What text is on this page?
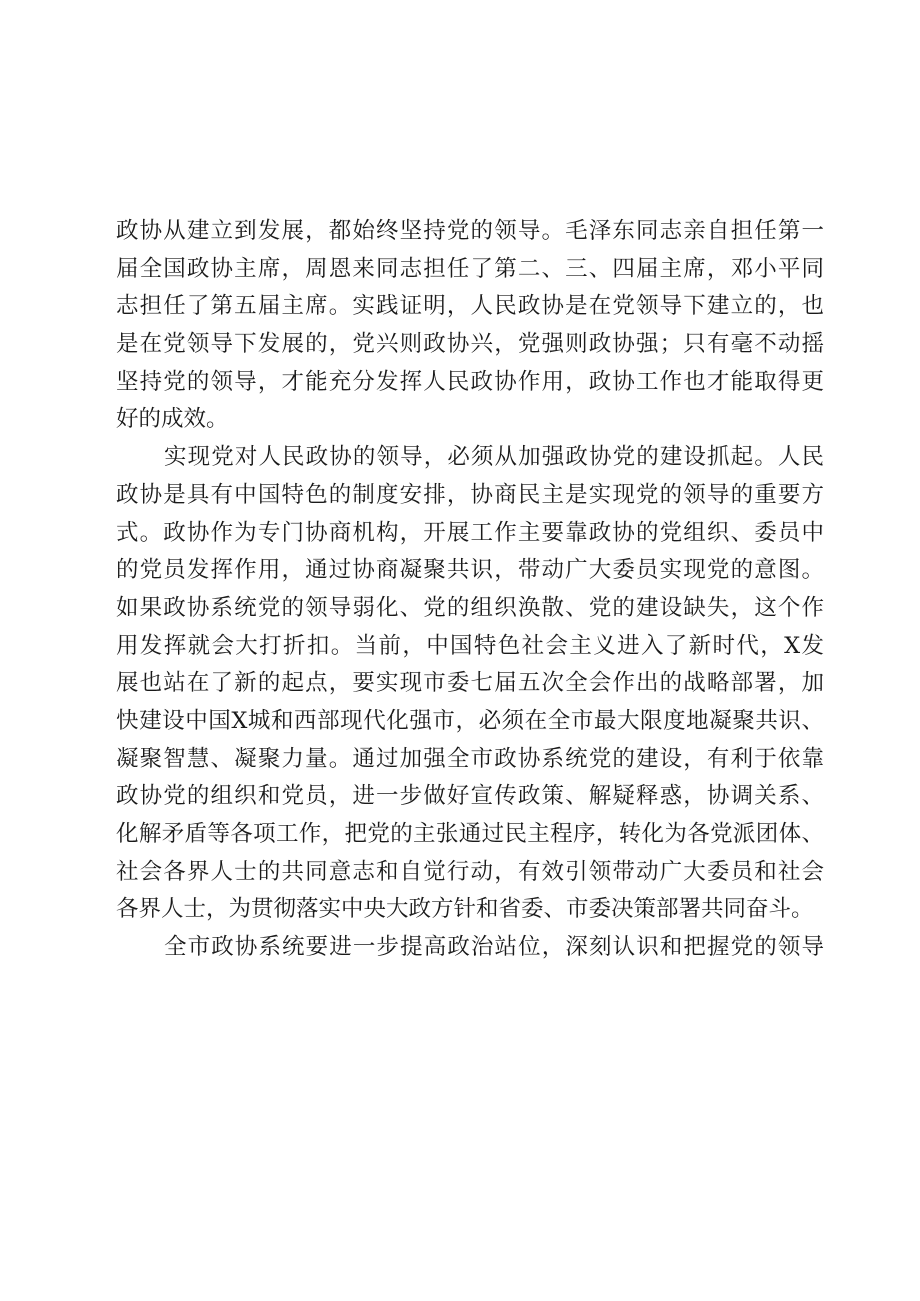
政协从建立到发展，都始终坚持党的领导。毛泽东同志亲自担任第一
届全国政协主席，周恩来同志担任了第二、三、四届主席，邓小平同
志担任了第五届主席。实践证明，人民政协是在党领导下建立的，也
是在党领导下发展的，党兴则政协兴，党强则政协强；只有毫不动摇
坚持党的领导，才能充分发挥人民政协作用，政协工作也才能取得更
好的成效。
实现党对人民政协的领导，必须从加强政协党的建设抓起。人民
政协是具有中国特色的制度安排，协商民主是实现党的领导的重要方
式。政协作为专门协商机构，开展工作主要靠政协的党组织、委员中
的党员发挥作用，通过协商凝聚共识，带动广大委员实现党的意图。
如果政协系统党的领导弱化、党的组织涣散、党的建设缺失，这个作
用发挥就会大打折扣。当前，中国特色社会主义进入了新时代，X发
展也站在了新的起点，要实现市委七届五次全会作出的战略部署，加
快建设中国X城和西部现代化强市，必须在全市最大限度地凝聚共识、
凝聚智慧、凝聚力量。通过加强全市政协系统党的建设，有利于依靠
政协党的组织和党员，进一步做好宣传政策、解疑释惑，协调关系、
化解矛盾等各项工作，把党的主张通过民主程序，转化为各党派团体、
社会各界人士的共同意志和自觉行动，有效引领带动广大委员和社会
各界人士，为贯彻落实中央大政方针和省委、市委决策部署共同奋斗。
全市政协系统要进一步提高政治站位，深刻认识和把握党的领导
